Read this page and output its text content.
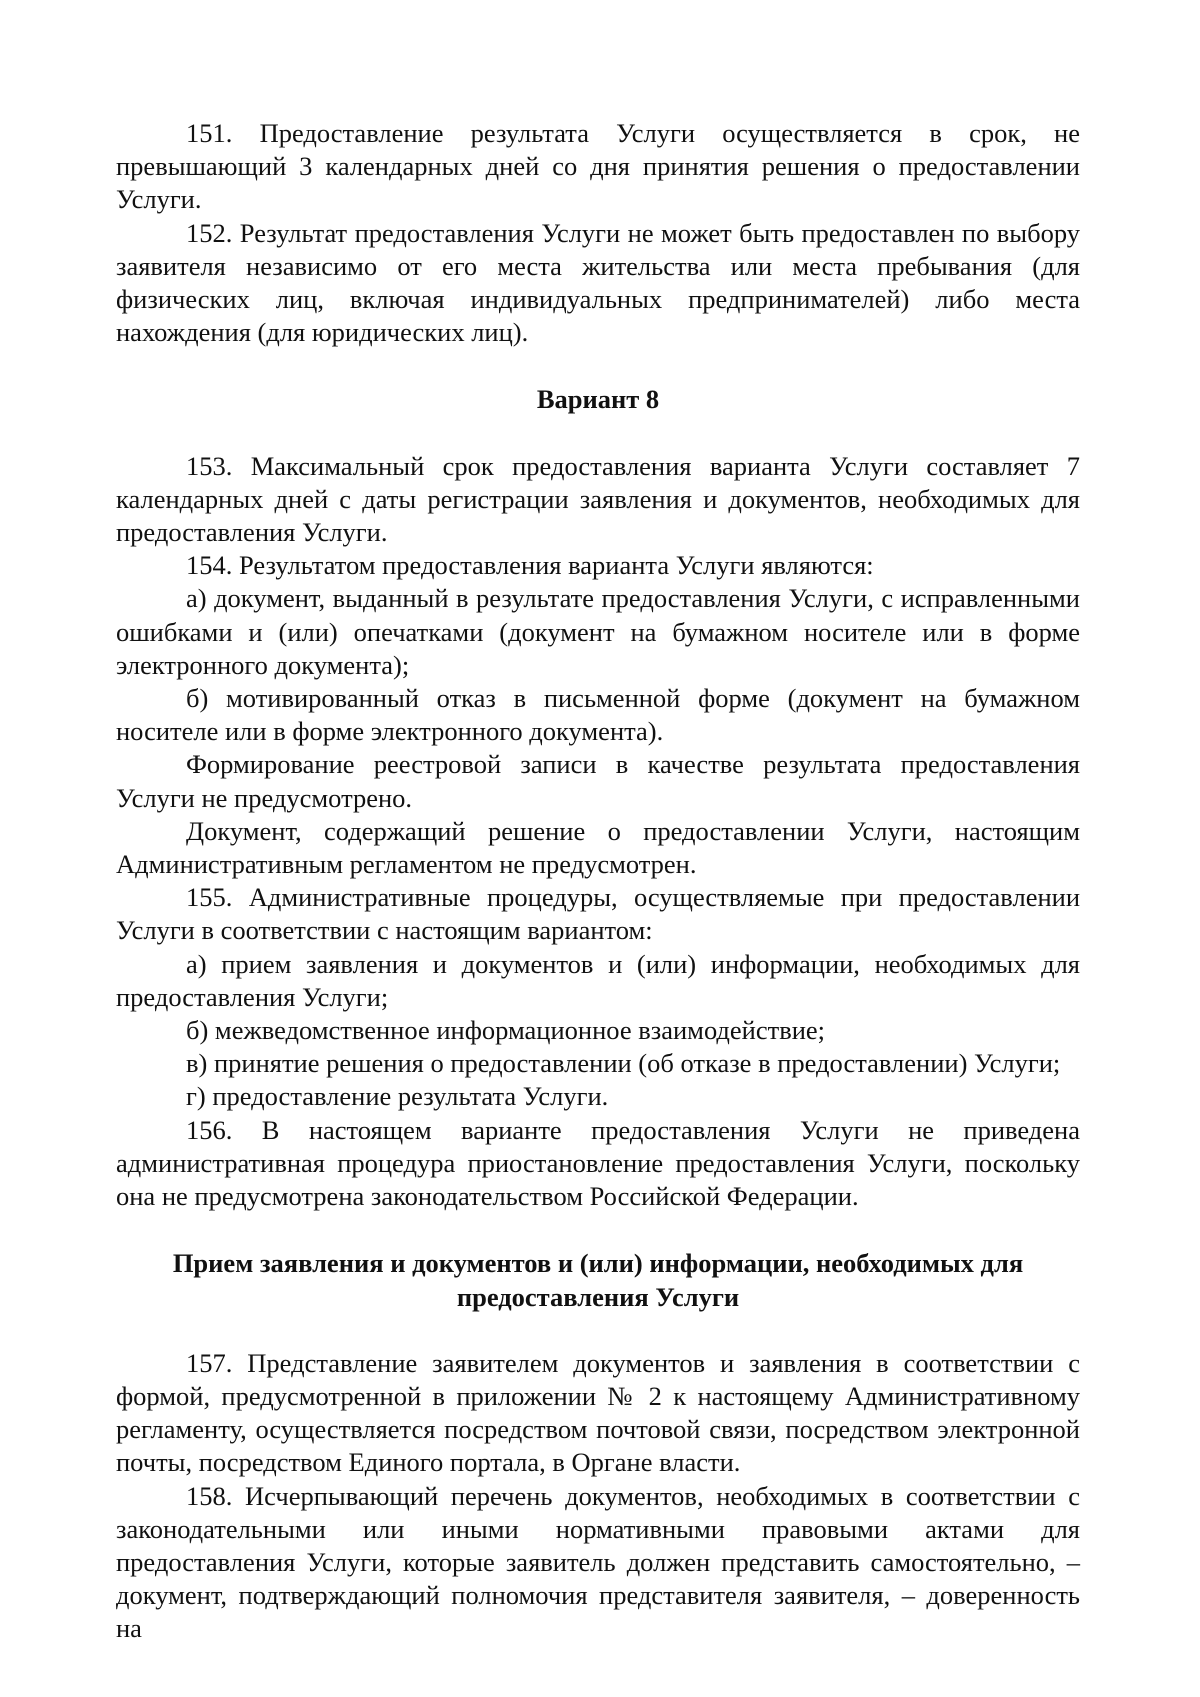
151. Предоставление результата Услуги осуществляется в срок, не превышающий 3 календарных дней со дня принятия решения о предоставлении Услуги.

152. Результат предоставления Услуги не может быть предоставлен по выбору заявителя независимо от его места жительства или места пребывания (для физических лиц, включая индивидуальных предпринимателей) либо места нахождения (для юридических лиц).

Вариант 8

153. Максимальный срок предоставления варианта Услуги составляет 7 календарных дней с даты регистрации заявления и документов, необходимых для предоставления Услуги.

154. Результатом предоставления варианта Услуги являются:

а) документ, выданный в результате предоставления Услуги, с исправленными ошибками и (или) опечатками (документ на бумажном носителе или в форме электронного документа);

б) мотивированный отказ в письменной форме (документ на бумажном носителе или в форме электронного документа).

Формирование реестровой записи в качестве результата предоставления Услуги не предусмотрено.

Документ, содержащий решение о предоставлении Услуги, настоящим Административным регламентом не предусмотрен.

155. Административные процедуры, осуществляемые при предоставлении Услуги в соответствии с настоящим вариантом:

а) прием заявления и документов и (или) информации, необходимых для предоставления Услуги;

б) межведомственное информационное взаимодействие;

в) принятие решения о предоставлении (об отказе в предоставлении) Услуги;

г) предоставление результата Услуги.

156. В настоящем варианте предоставления Услуги не приведена административная процедура приостановление предоставления Услуги, поскольку она не предусмотрена законодательством Российской Федерации.

Прием заявления и документов и (или) информации, необходимых для

предоставления Услуги

157. Представление заявителем документов и заявления в соответствии с формой, предусмотренной в приложении № 2 к настоящему Административному регламенту, осуществляется посредством почтовой связи, посредством электронной почты, посредством Единого портала, в Органе власти.

158. Исчерпывающий перечень документов, необходимых в соответствии с законодательными или иными нормативными правовыми актами для предоставления Услуги, которые заявитель должен представить самостоятельно, – документ, подтверждающий полномочия представителя заявителя, – доверенность на
